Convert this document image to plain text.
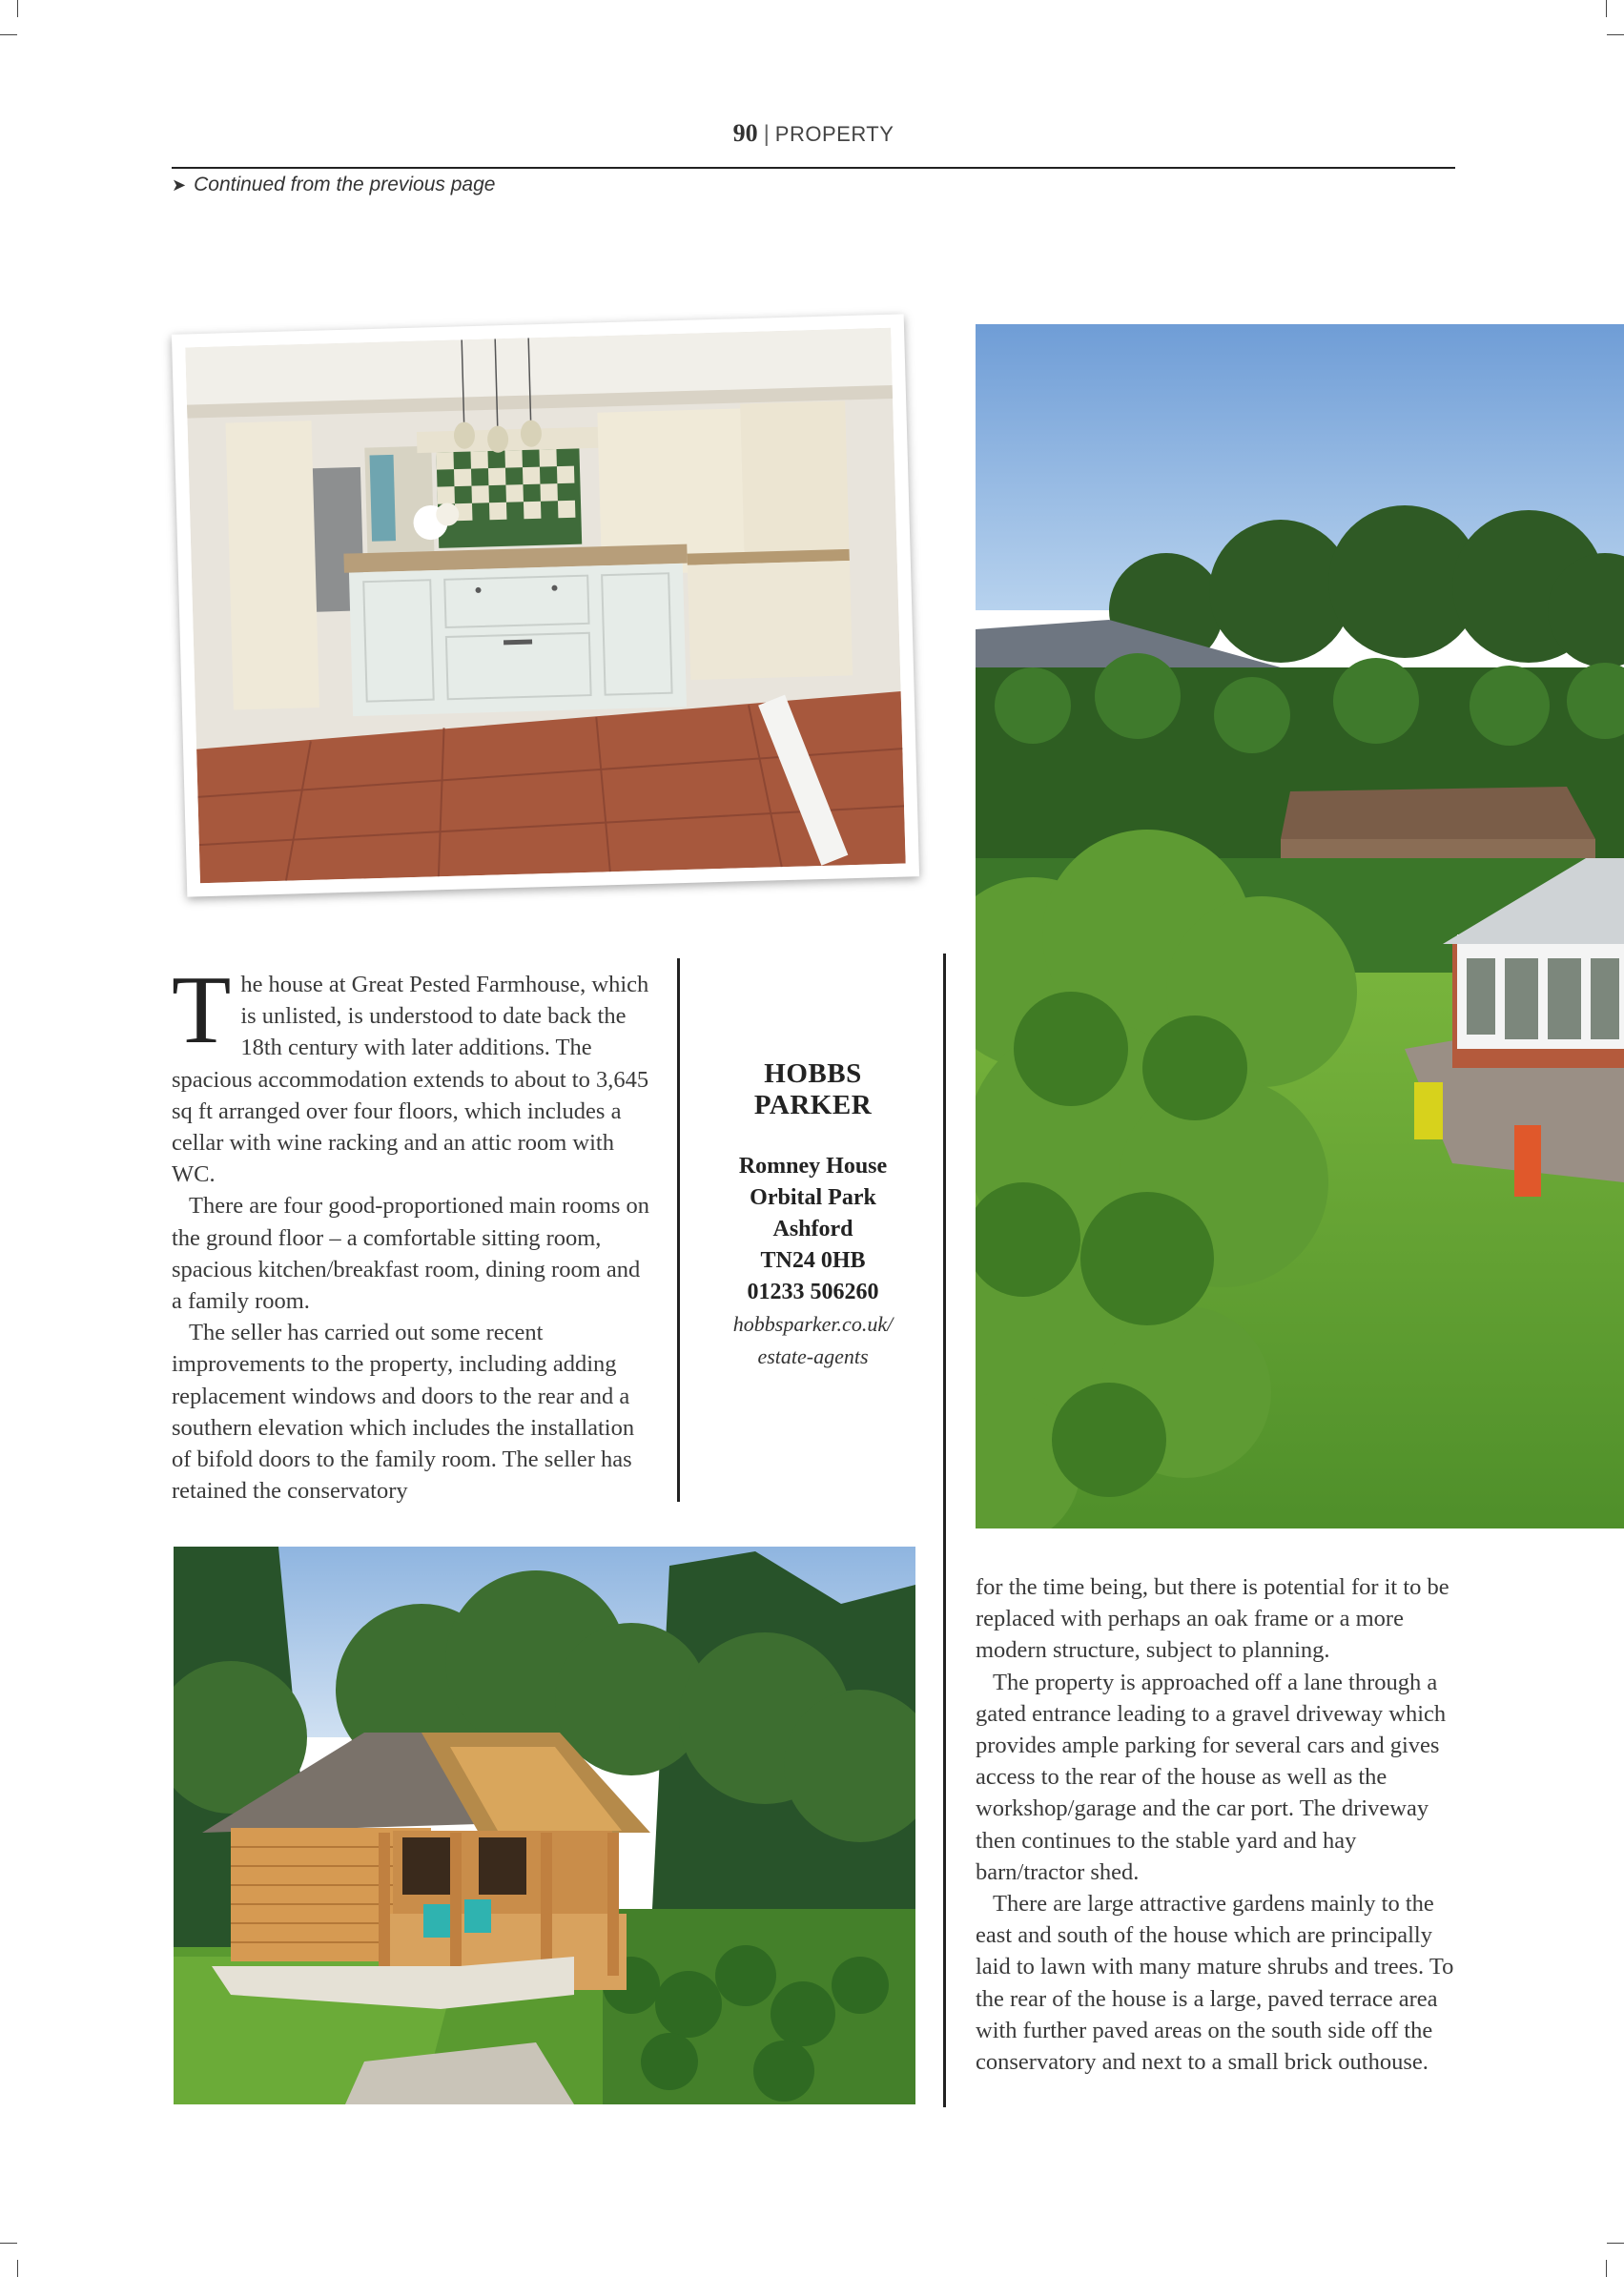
90 | PROPERTY
➤ Continued from the previous page

The house at Great Pested Farmhouse, which is unlisted, is understood to date back the 18th century with later additions. The spacious accommodation extends to about to 3,645 sq ft arranged over four floors, which includes a cellar with wine racking and an attic room with WC.

There are four good-proportioned main rooms on the ground floor – a comfortable sitting room, spacious kitchen/breakfast room, dining room and a family room.

The seller has carried out some recent improvements to the property, including adding replacement windows and doors to the rear and a southern elevation which includes the installation of bifold doors to the family room. The seller has retained the conservatory

HOBBS
PARKER
Romney House
Orbital Park
Ashford
TN24 0HB
01233 506260
hobbsparker.co.uk/
estate-agents

for the time being, but there is potential for it to be replaced with perhaps an oak frame or a more modern structure, subject to planning.

The property is approached off a lane through a gated entrance leading to a gravel driveway which provides ample parking for several cars and gives access to the rear of the house as well as the workshop/garage and the car port. The driveway then continues to the stable yard and hay barn/tractor shed.

There are large attractive gardens mainly to the east and south of the house which are principally laid to lawn with many mature shrubs and trees. To the rear of the house is a large, paved terrace area with further paved areas on the south side off the conservatory and next to a small brick outhouse.
